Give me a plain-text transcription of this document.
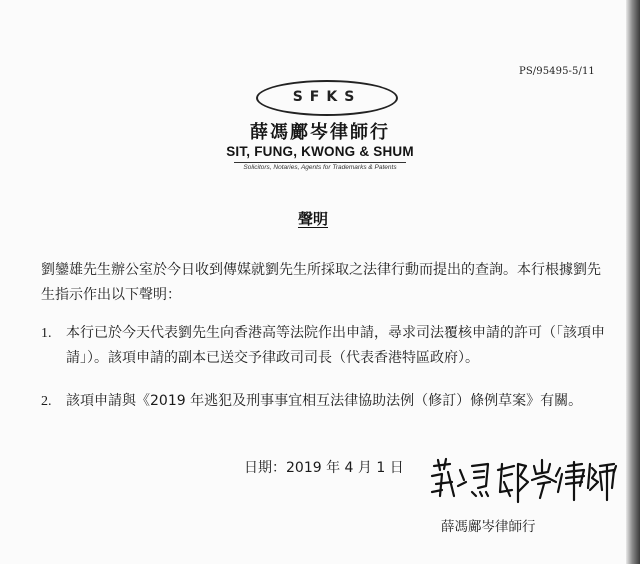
PS/95495-5/11
SFKS
薛馮鄺岑律師行
SIT, FUNG, KWONG & SHUM
Solicitors, Notaries, Agents for Trademarks & Patents
聲明
劉鑾雄先生辦公室於今日收到傳媒就劉先生所採取之法律行動而提出的查詢。本行根據劉先生指示作出以下聲明：
1. 本行已於今天代表劉先生向香港高等法院作出申請，尋求司法覆核申請的許可（「該項申請」）。該項申請的副本已送交予律政司司長（代表香港特區政府）。
2. 該項申請與《2019 年逃犯及刑事事宜相互法律協助法例（修訂）條例草案》有關。
日期：2019 年 4 月 1 日
薛馮鄺岑律師行
